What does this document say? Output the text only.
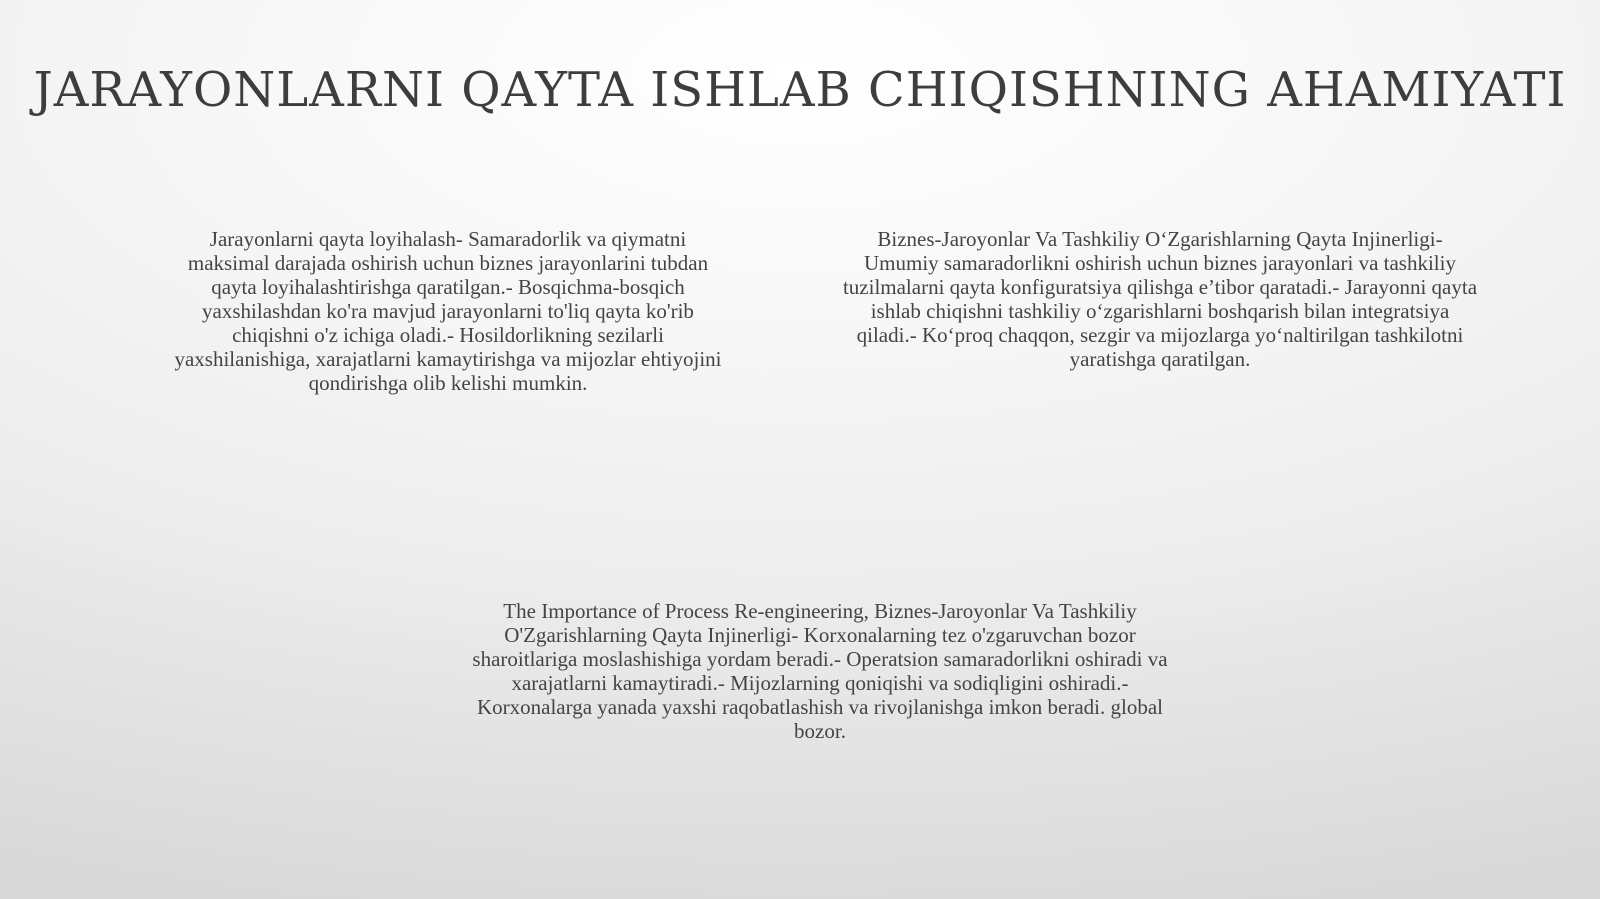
JARAYONLARNI QAYTA ISHLAB CHIQISHNING AHAMIYATI

Jarayonlarni qayta loyihalash- Samaradorlik va qiymatni maksimal darajada oshirish uchun biznes jarayonlarini tubdan qayta loyihalashtirishga qaratilgan.- Bosqichma-bosqich yaxshilashdan ko'ra mavjud jarayonlarni to'liq qayta ko'rib chiqishni o'z ichiga oladi.- Hosildorlikning sezilarli yaxshilanishiga, xarajatlarni kamaytirishga va mijozlar ehtiyojini qondirishga olib kelishi mumkin.

Biznes-Jaroyonlar Va Tashkiliy O‘Zgarishlarning Qayta Injinerligi- Umumiy samaradorlikni oshirish uchun biznes jarayonlari va tashkiliy tuzilmalarni qayta konfiguratsiya qilishga e’tibor qaratadi.- Jarayonni qayta ishlab chiqishni tashkiliy o‘zgarishlarni boshqarish bilan integratsiya qiladi.- Ko‘proq chaqqon, sezgir va mijozlarga yo‘naltirilgan tashkilotni yaratishga qaratilgan.

The Importance of Process Re-engineering, Biznes-Jaroyonlar Va Tashkiliy O'Zgarishlarning Qayta Injinerligi- Korxonalarning tez o'zgaruvchan bozor sharoitlariga moslashishiga yordam beradi.- Operatsion samaradorlikni oshiradi va xarajatlarni kamaytiradi.- Mijozlarning qoniqishi va sodiqligini oshiradi.- Korxonalarga yanada yaxshi raqobatlashish va rivojlanishga imkon beradi. global bozor.
